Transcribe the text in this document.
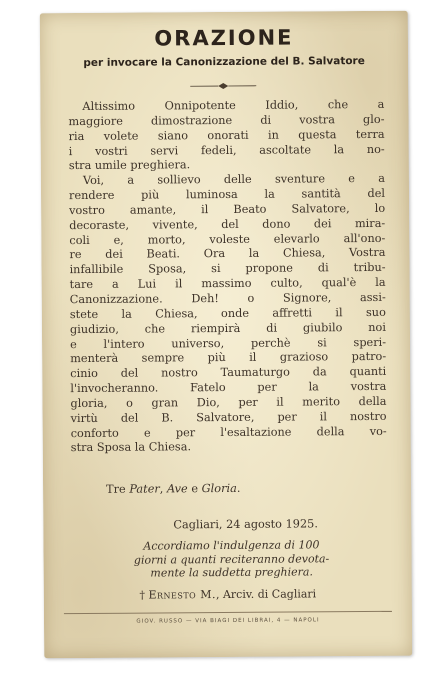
ORAZIONE
per invocare la Canonizzazione del B. Salvatore

Altissimo Onnipotente Iddio, che a
maggiore dimostrazione di vostra glo-
ria volete siano onorati in questa terra
i vostri servi fedeli, ascoltate la no-
stra umile preghiera.

Voi, a sollievo delle sventure e a
rendere più luminosa la santità del
vostro amante, il Beato Salvatore, lo
decoraste, vivente, del dono dei mira-
coli e, morto, voleste elevarlo all'ono-
re dei Beati. Ora la Chiesa, Vostra
infallibile Sposa, si propone di tribu-
tare a Lui il massimo culto, qual'è la
Canonizzazione. Deh! o Signore, assi-
stete la Chiesa, onde affretti il suo
giudizio, che riempirà di giubilo noi
e l'intero universo, perchè si speri-
menterà sempre più il grazioso patro-
cinio del nostro Taumaturgo da quanti
l'invocheranno. Fatelo per la vostra
gloria, o gran Dio, per il merito della
virtù del B. Salvatore, per il nostro
conforto e per l'esaltazione della vo-
stra Sposa la Chiesa.

Tre Pater, Ave e Gloria.
Cagliari, 24 agosto 1925.
Accordiamo l'indulgenza di 100
giorni a quanti reciteranno devota-
mente la suddetta preghiera.
† Ernesto M., Arciv. di Cagliari
GIOV. RUSSO — VIA BIAGI DEI LIBRAI, 4 — NAPOLI
